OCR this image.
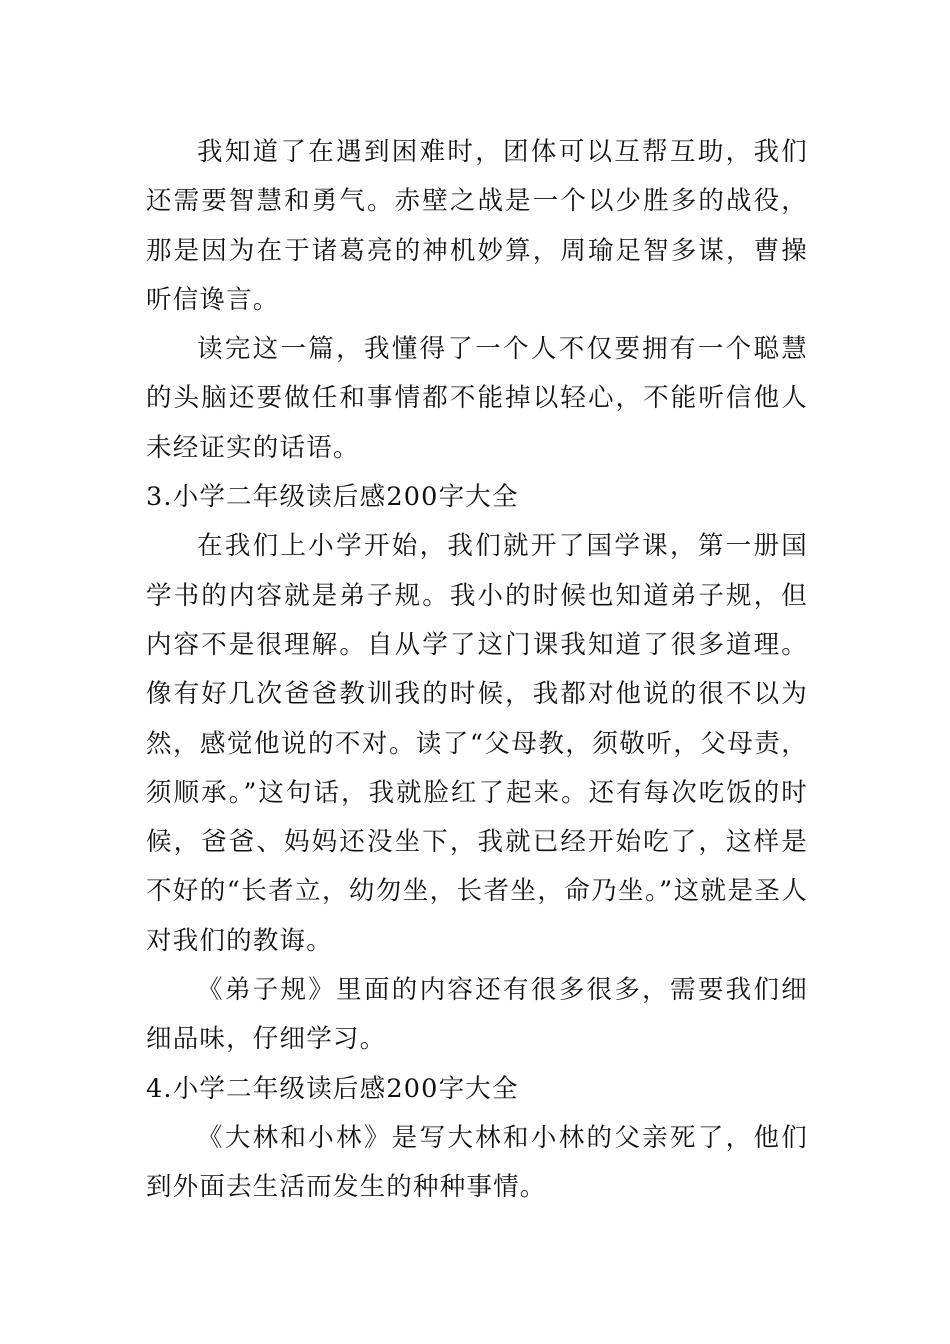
我知道了在遇到困难时，团体可以互帮互助，我们还需要智慧和勇气。赤壁之战是一个以少胜多的战役，那是因为在于诸葛亮的神机妙算，周瑜足智多谋，曹操听信谗言。

读完这一篇，我懂得了一个人不仅要拥有一个聪慧的头脑还要做任和事情都不能掉以轻心，不能听信他人未经证实的话语。

3.小学二年级读后感200字大全

在我们上小学开始，我们就开了国学课，第一册国学书的内容就是弟子规。我小的时候也知道弟子规，但内容不是很理解。自从学了这门课我知道了很多道理。像有好几次爸爸教训我的时候，我都对他说的很不以为然，感觉他说的不对。读了“父母教，须敬听，父母责，须顺承。”这句话，我就脸红了起来。还有每次吃饭的时候，爸爸、妈妈还没坐下，我就已经开始吃了，这样是不好的“长者立，幼勿坐，长者坐，命乃坐。”这就是圣人对我们的教诲。

《弟子规》里面的内容还有很多很多，需要我们细细品味，仔细学习。

4.小学二年级读后感200字大全

《大林和小林》是写大林和小林的父亲死了，他们到外面去生活而发生的种种事情。
